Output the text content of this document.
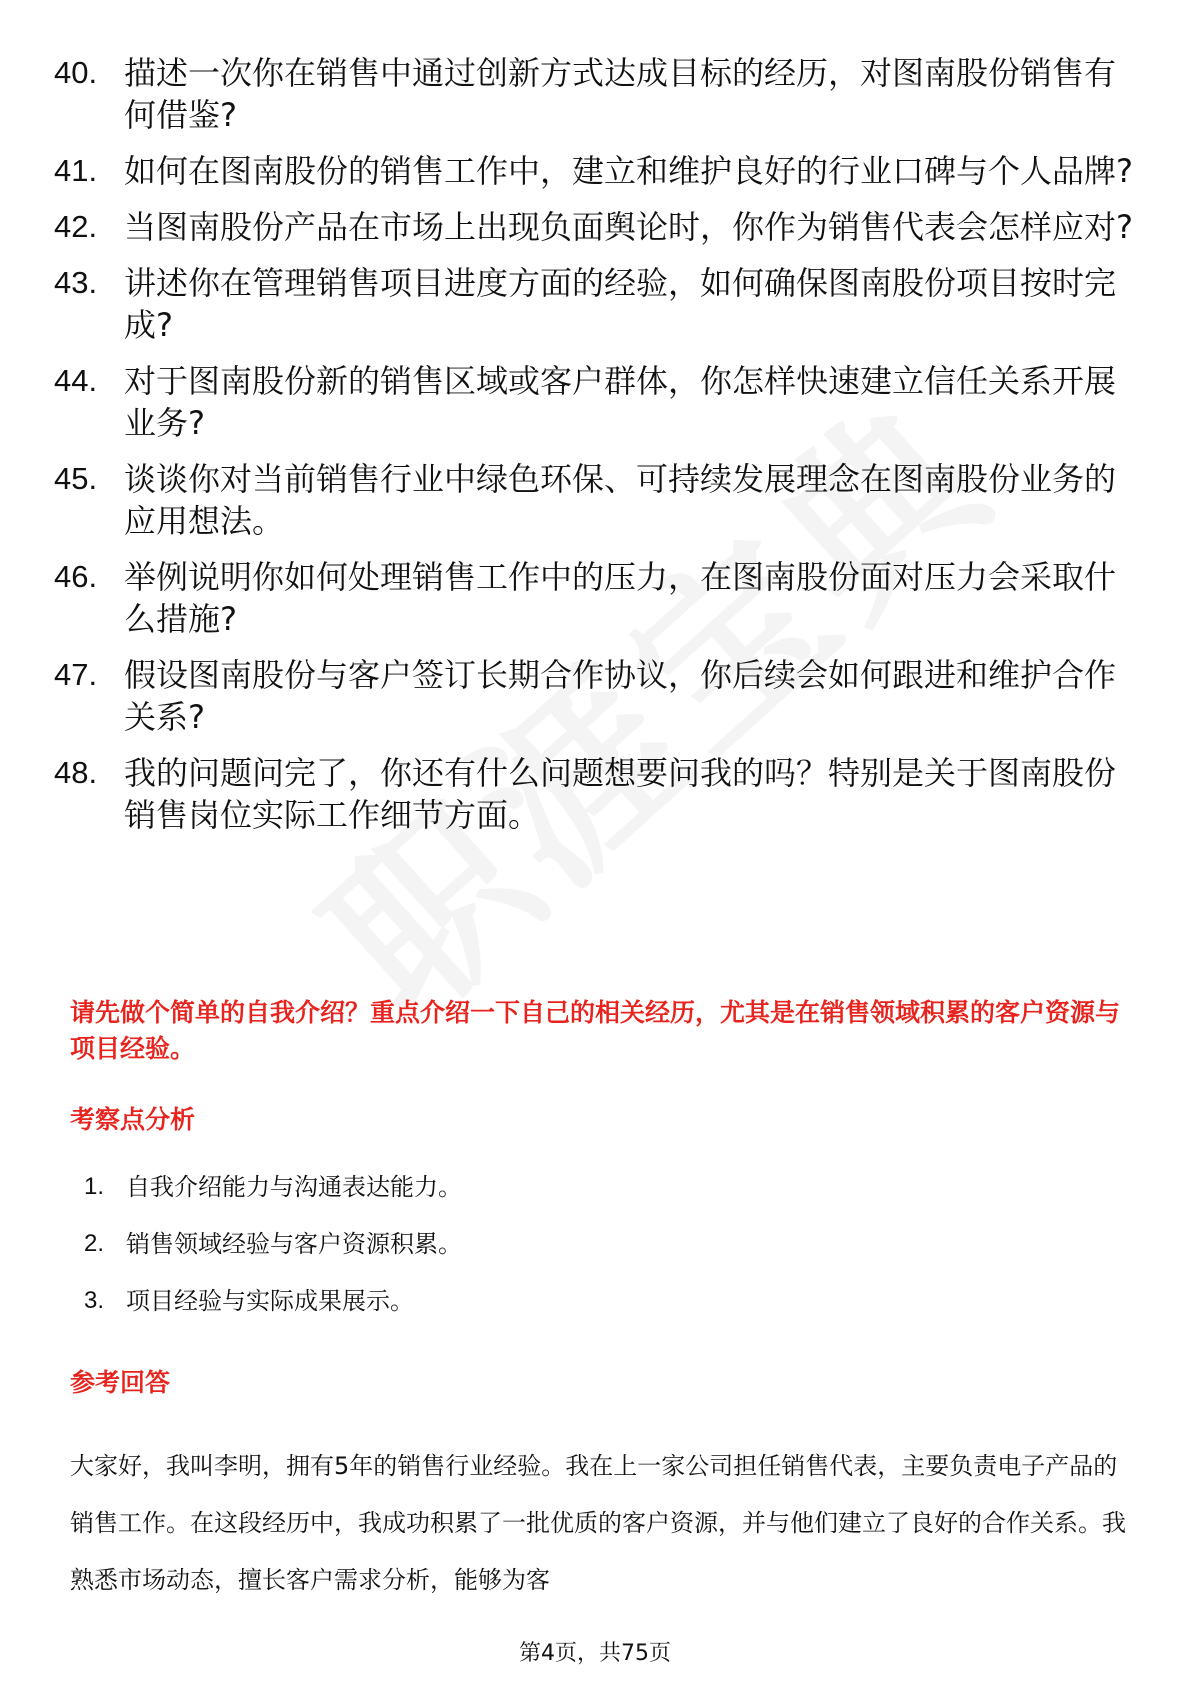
40. 描述一次你在销售中通过创新方式达成目标的经历，对图南股份销售有何借鉴?
41. 如何在图南股份的销售工作中，建立和维护良好的行业口碑与个人品牌?
42. 当图南股份产品在市场上出现负面舆论时，你作为销售代表会怎样应对?
43. 讲述你在管理销售项目进度方面的经验，如何确保图南股份项目按时完成?
44. 对于图南股份新的销售区域或客户群体，你怎样快速建立信任关系开展业务?
45. 谈谈你对当前销售行业中绿色环保、可持续发展理念在图南股份业务的应用想法。
46. 举例说明你如何处理销售工作中的压力，在图南股份面对压力会采取什么措施?
47. 假设图南股份与客户签订长期合作协议，你后续会如何跟进和维护合作关系?
48. 我的问题问完了，你还有什么问题想要问我的吗？特别是关于图南股份销售岗位实际工作细节方面。

请先做个简单的自我介绍？重点介绍一下自己的相关经历，尤其是在销售领域积累的客户资源与项目经验。

考察点分析
1. 自我介绍能力与沟通表达能力。
2. 销售领域经验与客户资源积累。
3. 项目经验与实际成果展示。
参考回答

大家好，我叫李明，拥有5年的销售行业经验。我在上一家公司担任销售代表，主要负责电子产品的销售工作。在这段经历中，我成功积累了一批优质的客户资源，并与他们建立了良好的合作关系。我熟悉市场动态，擅长客户需求分析，能够为客

第4页，共75页
